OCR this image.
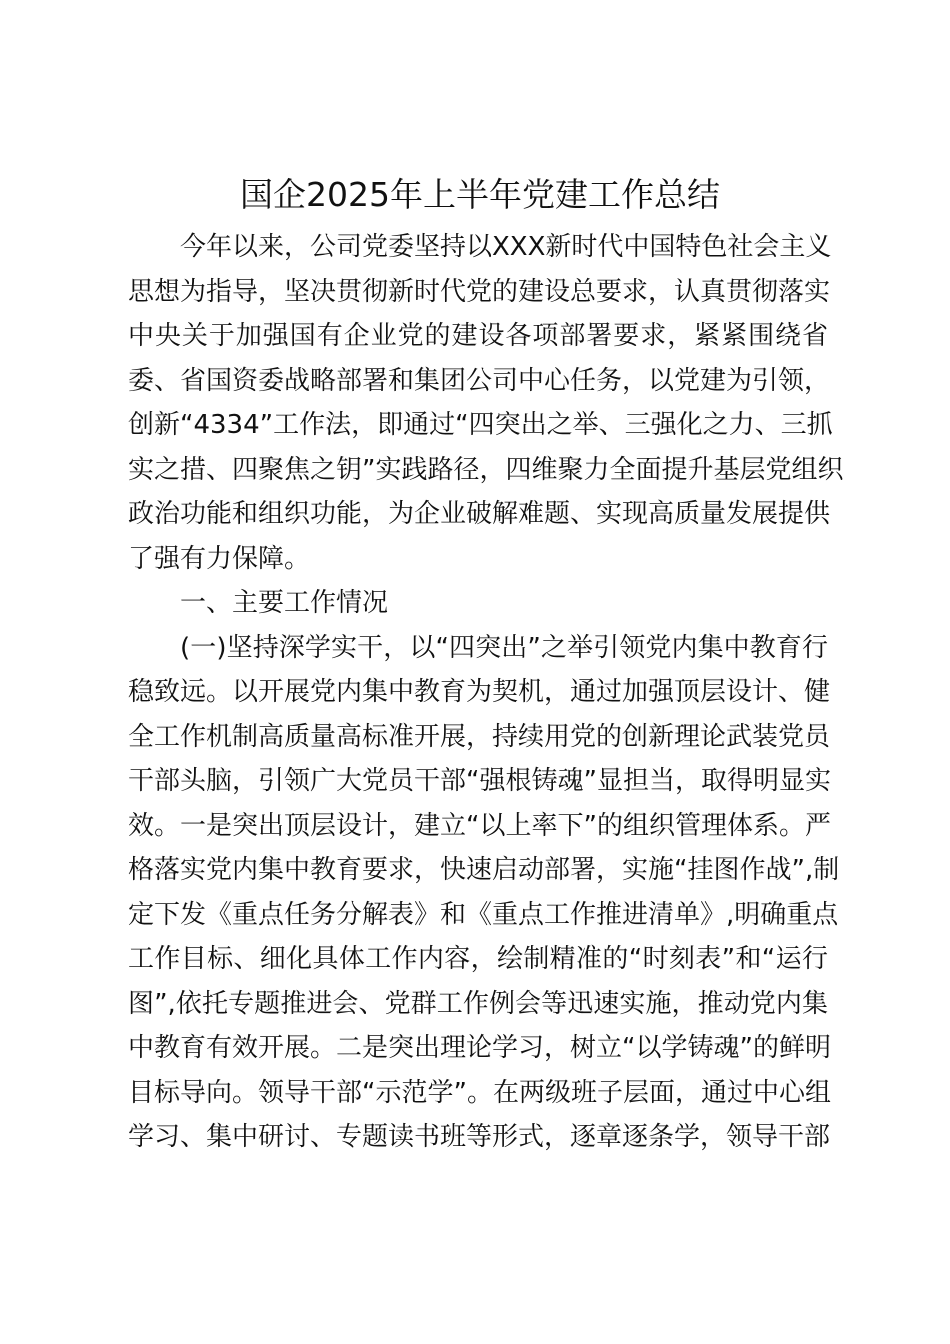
国企2025年上半年党建工作总结
今年以来，公司党委坚持以XXX新时代中国特色社会主义
思想为指导，坚决贯彻新时代党的建设总要求，认真贯彻落实
中央关于加强国有企业党的建设各项部署要求，紧紧围绕省
委、省国资委战略部署和集团公司中心任务，以党建为引领，
创新“4334”工作法，即通过“四突出之举、三强化之力、三抓
实之措、四聚焦之钥”实践路径，四维聚力全面提升基层党组织
政治功能和组织功能，为企业破解难题、实现高质量发展提供
了强有力保障。
一、主要工作情况
(一)坚持深学实干，以“四突出”之举引领党内集中教育行
稳致远。以开展党内集中教育为契机，通过加强顶层设计、健
全工作机制高质量高标准开展，持续用党的创新理论武装党员
干部头脑，引领广大党员干部“强根铸魂”显担当，取得明显实
效。一是突出顶层设计，建立“以上率下”的组织管理体系。严
格落实党内集中教育要求，快速启动部署，实施“挂图作战”,制
定下发《重点任务分解表》和《重点工作推进清单》,明确重点
工作目标、细化具体工作内容，绘制精准的“时刻表”和“运行
图”,依托专题推进会、党群工作例会等迅速实施，推动党内集
中教育有效开展。二是突出理论学习，树立“以学铸魂”的鲜明
目标导向。领导干部“示范学”。在两级班子层面，通过中心组
学习、集中研讨、专题读书班等形式，逐章逐条学，领导干部
